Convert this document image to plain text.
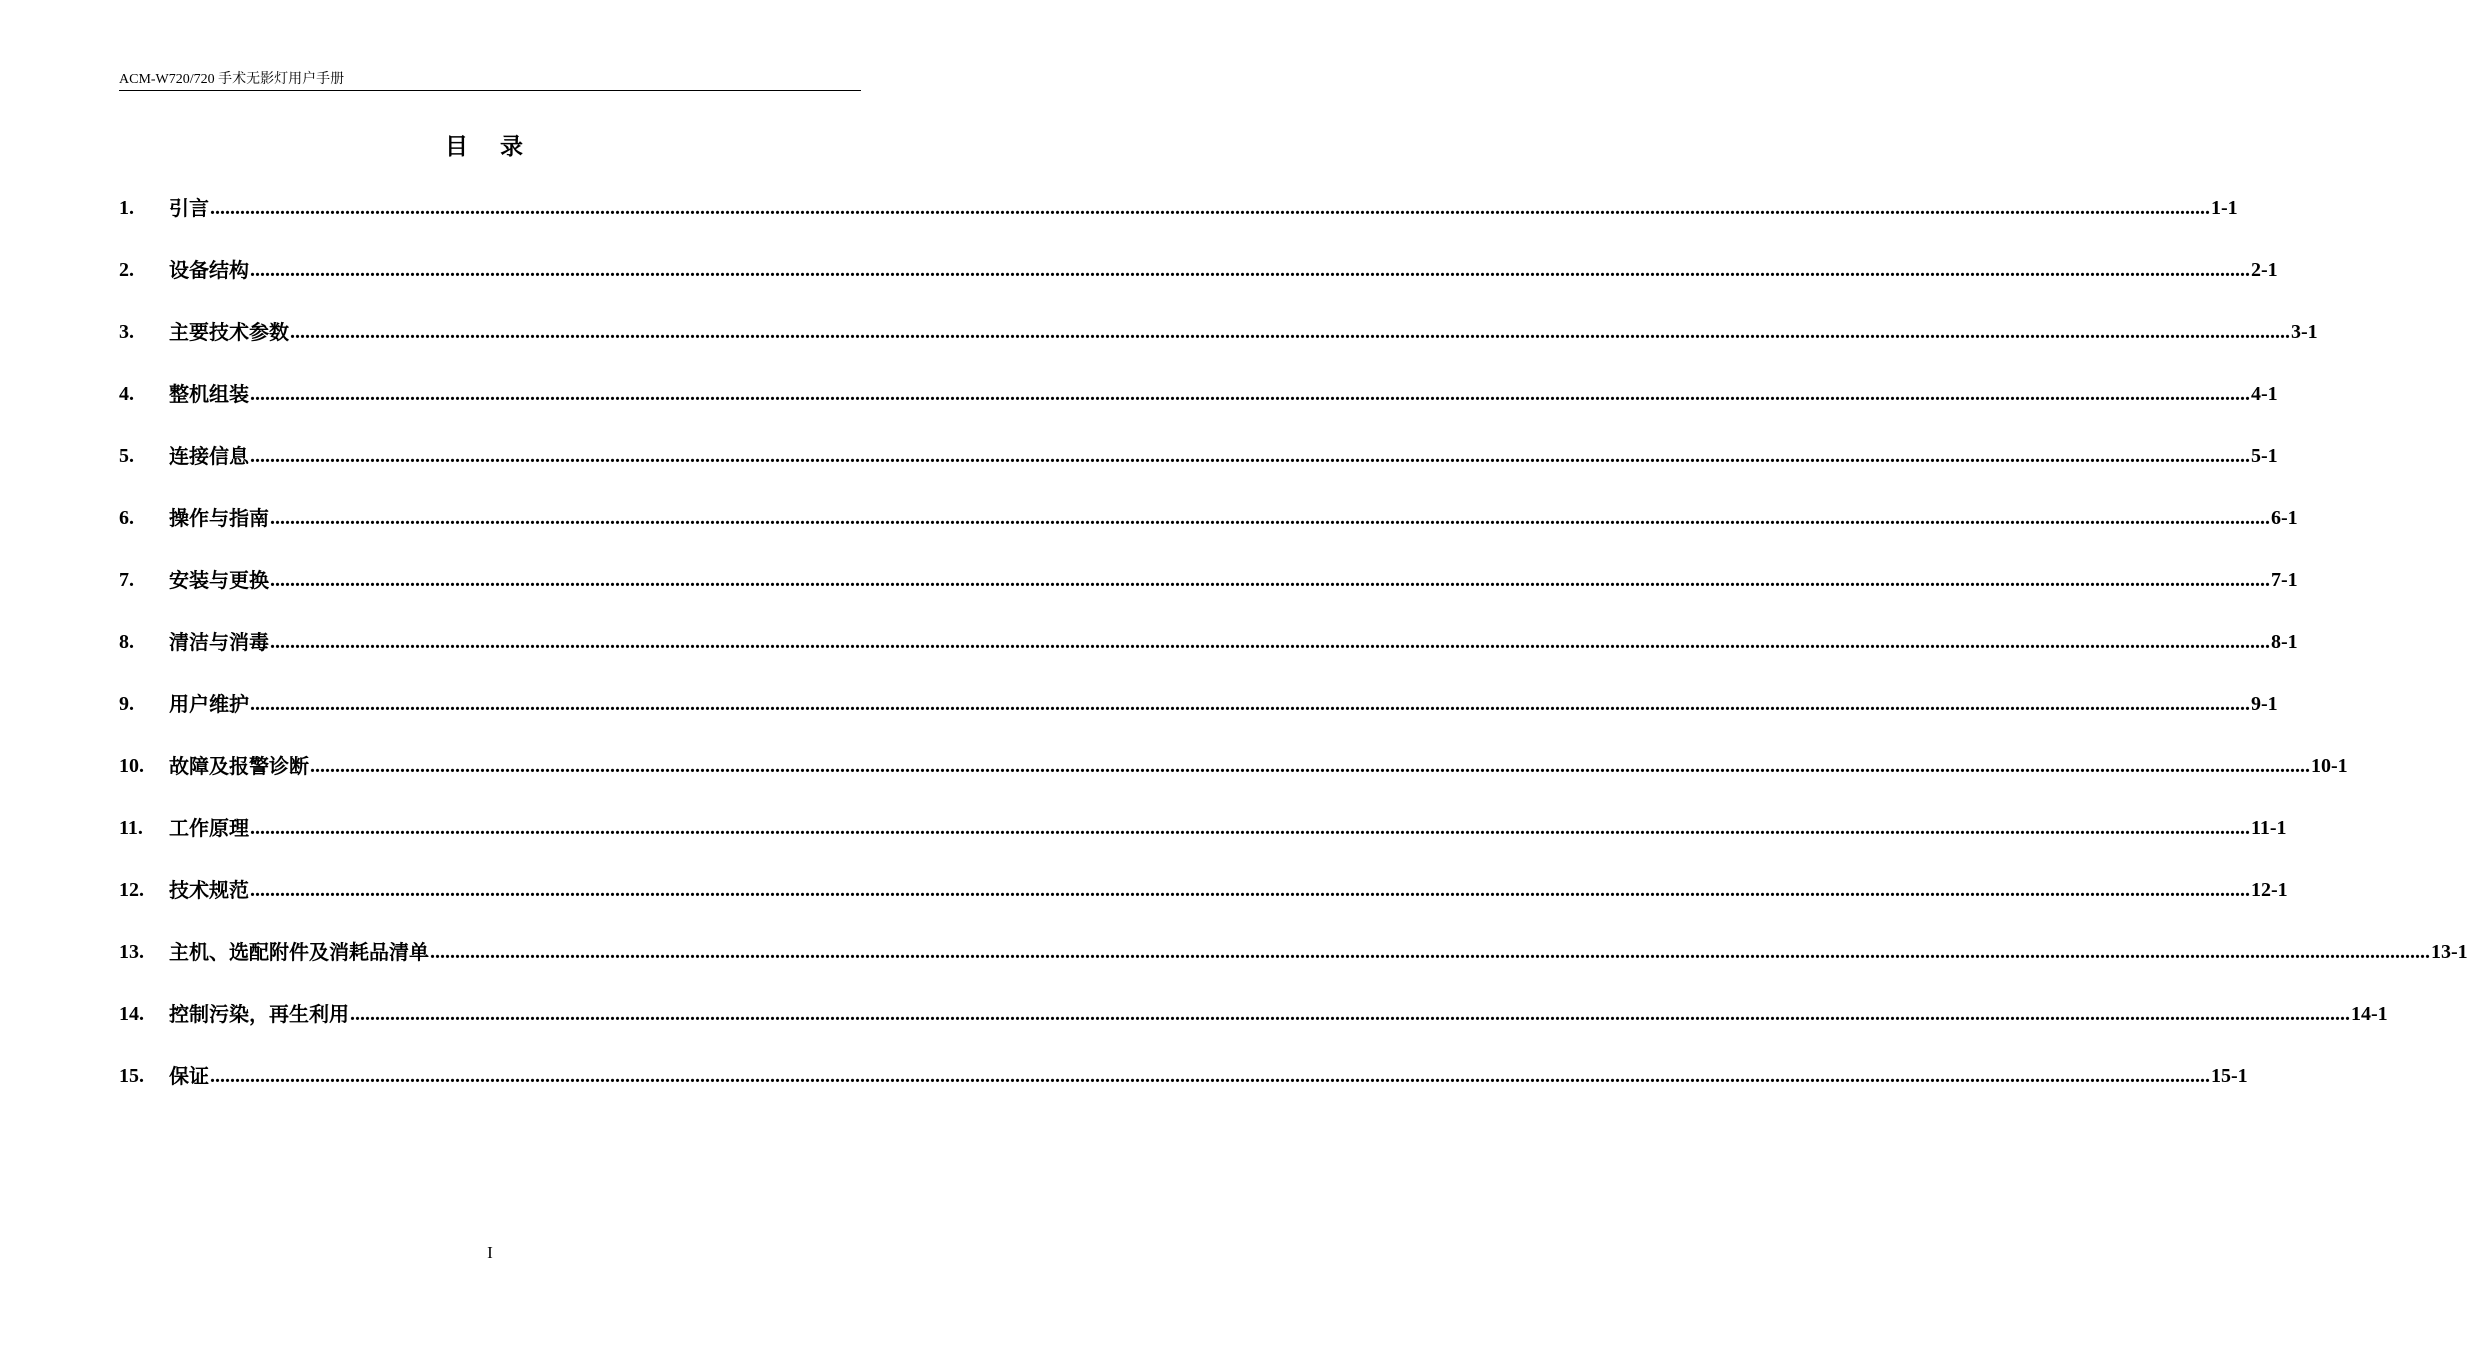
ACM-W720/720 手术无影灯用户手册
目 录
1.	引言 ................................................................................................................................................................................................................................................................................................................................................................................................................ 1-1
2.	设备结构 ................................................................................................................................................................................................................................................................................................................................................................................................................ 2-1
3.	主要技术参数 ................................................................................................................................................................................................................................................................................................................................................................................................................ 3-1
4.	整机组装 ................................................................................................................................................................................................................................................................................................................................................................................................................ 4-1
5.	连接信息 ................................................................................................................................................................................................................................................................................................................................................................................................................ 5-1
6.	操作与指南 ................................................................................................................................................................................................................................................................................................................................................................................................................ 6-1
7.	安装与更换 ................................................................................................................................................................................................................................................................................................................................................................................................................ 7-1
8.	清洁与消毒 ................................................................................................................................................................................................................................................................................................................................................................................................................ 8-1
9.	用户维护 ................................................................................................................................................................................................................................................................................................................................................................................................................ 9-1
10.	故障及报警诊断 ................................................................................................................................................................................................................................................................................................................................................................................................................ 10-1
11.	工作原理 ................................................................................................................................................................................................................................................................................................................................................................................................................ 11-1
12.	技术规范 ................................................................................................................................................................................................................................................................................................................................................................................................................ 12-1
13.	主机、选配附件及消耗品清单 ................................................................................................................................................................................................................................................................................................................................................................................................................ 13-1
14.	控制污染，再生利用 ................................................................................................................................................................................................................................................................................................................................................................................................................ 14-1
15.	保证 ................................................................................................................................................................................................................................................................................................................................................................................................................ 15-1
I
